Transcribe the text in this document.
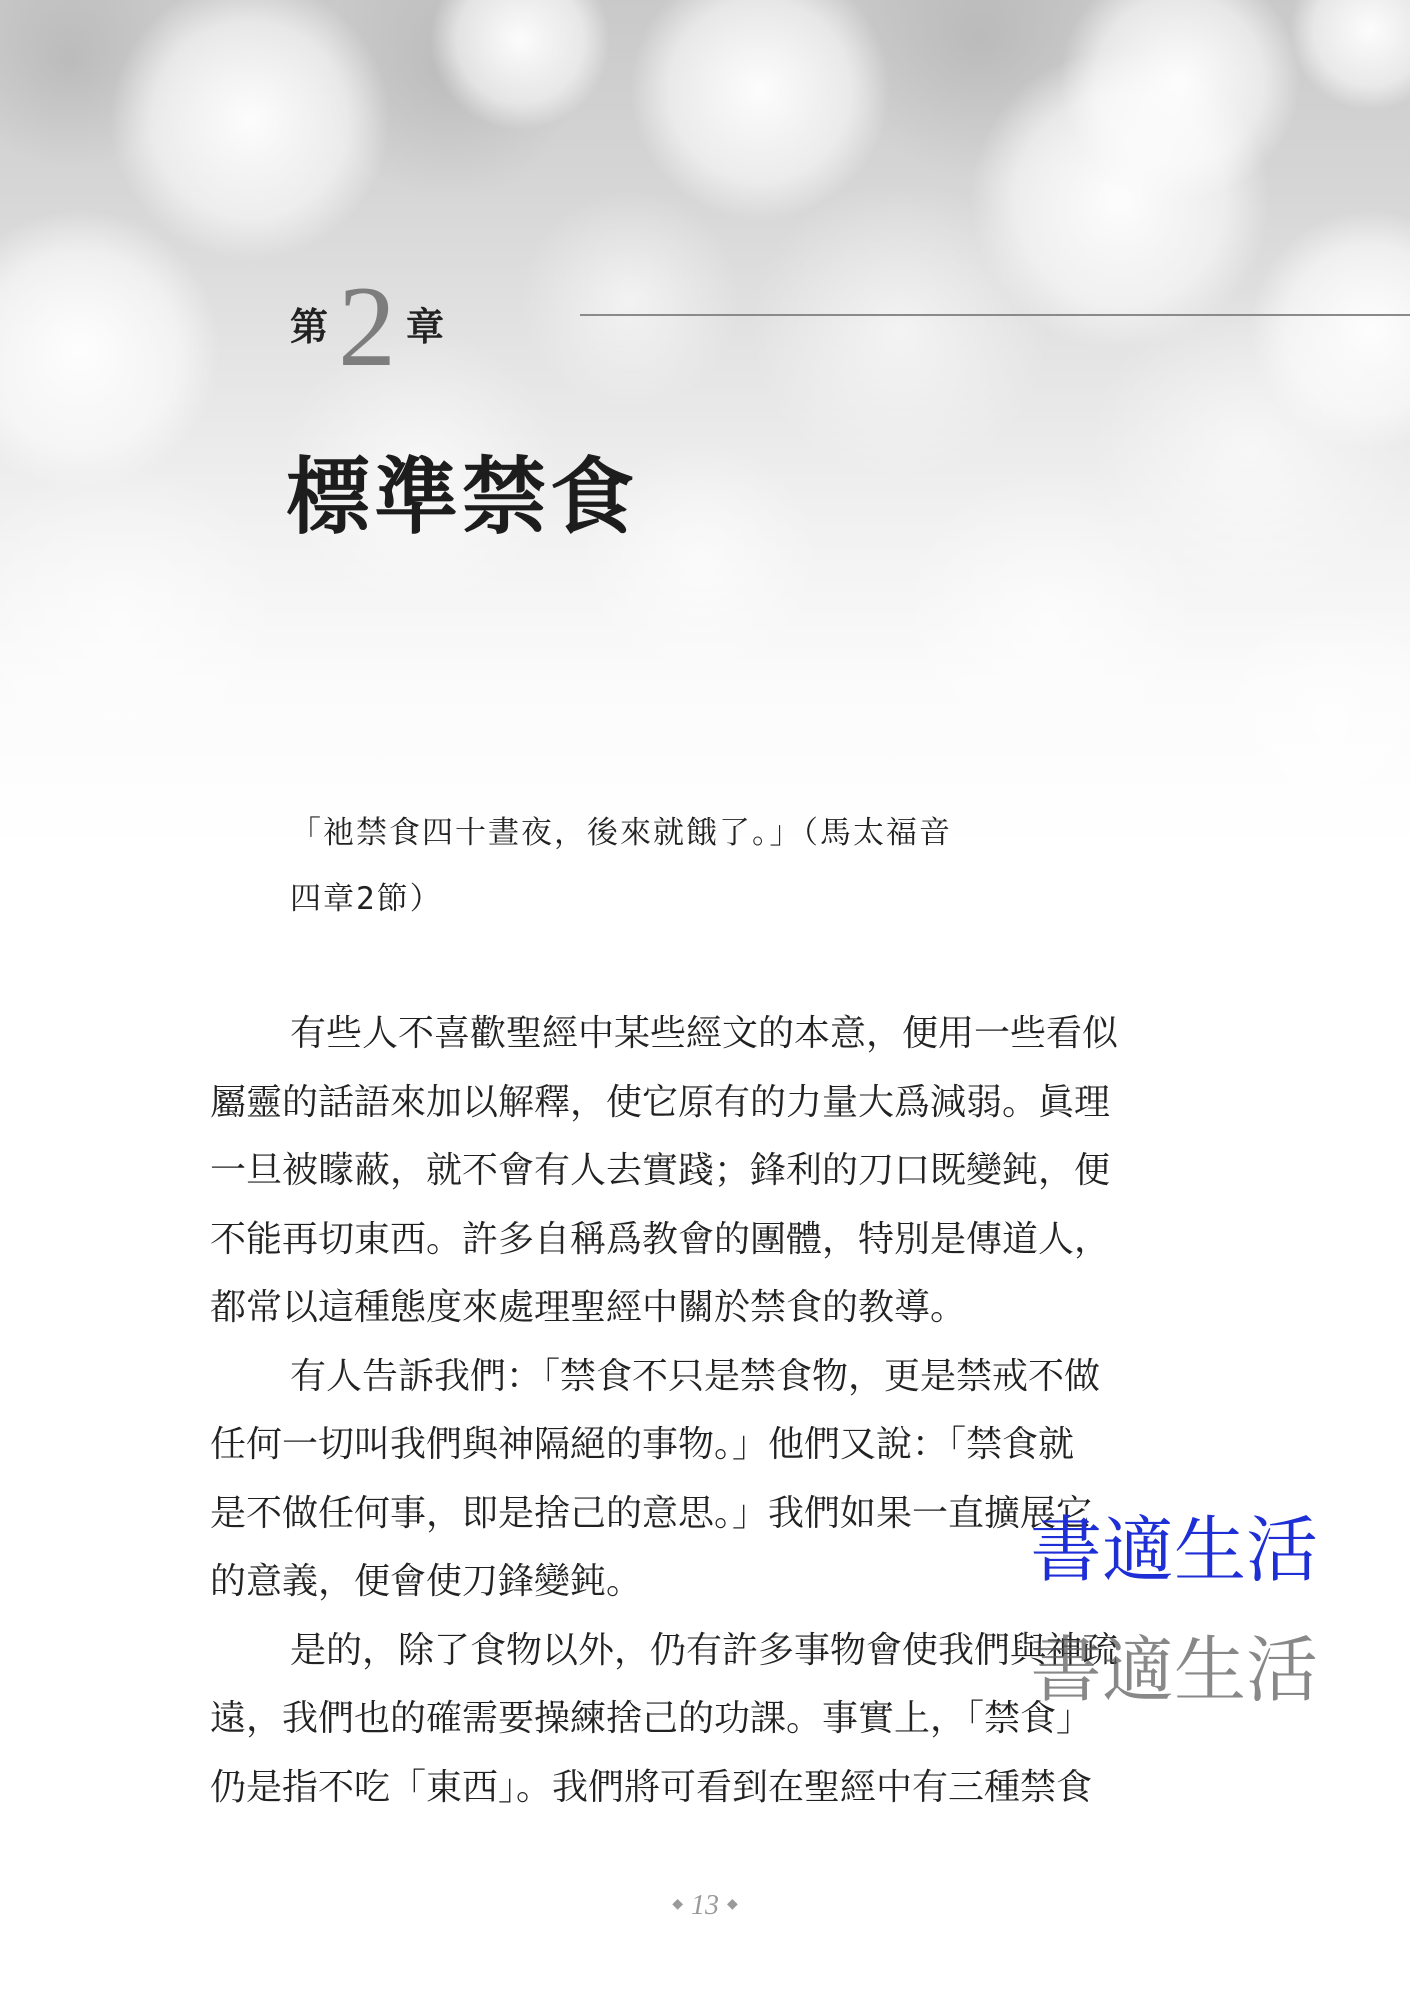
第 2 章
標準禁食
「祂禁食四十晝夜，後來就餓了。」（馬太福音
四章2節）
有些人不喜歡聖經中某些經文的本意，便用一些看似
屬靈的話語來加以解釋，使它原有的力量大爲減弱。眞理
一旦被矇蔽，就不會有人去實踐；鋒利的刀口既變鈍，便
不能再切東西。許多自稱爲教會的團體，特別是傳道人，
都常以這種態度來處理聖經中關於禁食的教導。
有人告訴我們：「禁食不只是禁食物，更是禁戒不做
任何一切叫我們與神隔絕的事物。」他們又說：「禁食就
是不做任何事，即是捨己的意思。」我們如果一直擴展它
的意義，便會使刀鋒變鈍。
是的，除了食物以外，仍有許多事物會使我們與神疏
遠，我們也的確需要操練捨己的功課。事實上，「禁食」
仍是指不吃「東西」。我們將可看到在聖經中有三種禁食
書適生活
書適生活
◆ 13 ◆
